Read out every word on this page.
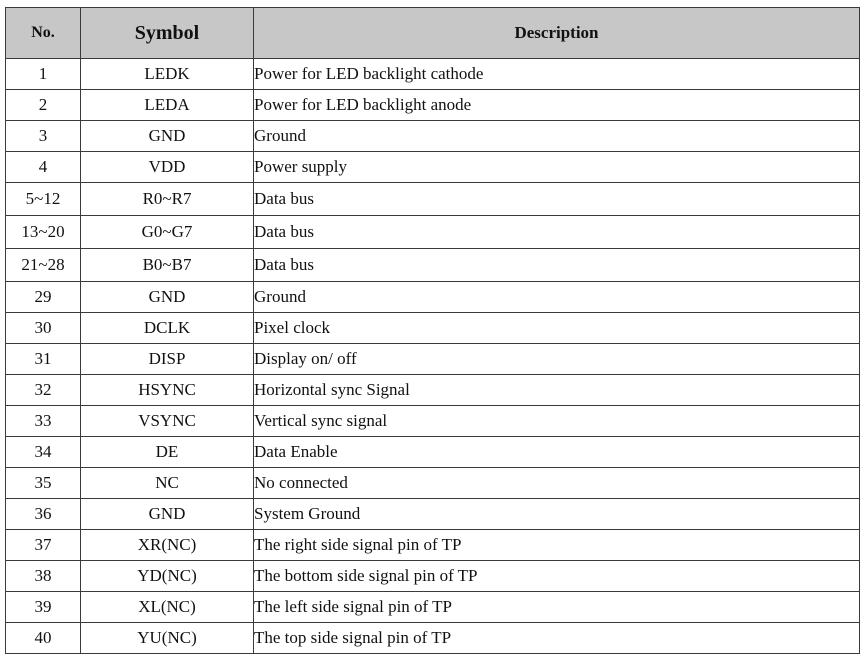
No.	Symbol	Description
1	LEDK	Power for LED backlight cathode
2	LEDA	Power for LED backlight anode
3	GND	Ground
4	VDD	Power supply
5~12	R0~R7	Data bus
13~20	G0~G7	Data bus
21~28	B0~B7	Data bus
29	GND	Ground
30	DCLK	Pixel clock
31	DISP	Display on/ off
32	HSYNC	Horizontal sync Signal
33	VSYNC	Vertical sync signal
34	DE	Data Enable
35	NC	No connected
36	GND	System Ground
37	XR(NC)	The right side signal pin of TP
38	YD(NC)	The bottom side signal pin of TP
39	XL(NC)	The left side signal pin of TP
40	YU(NC)	The top side signal pin of TP
